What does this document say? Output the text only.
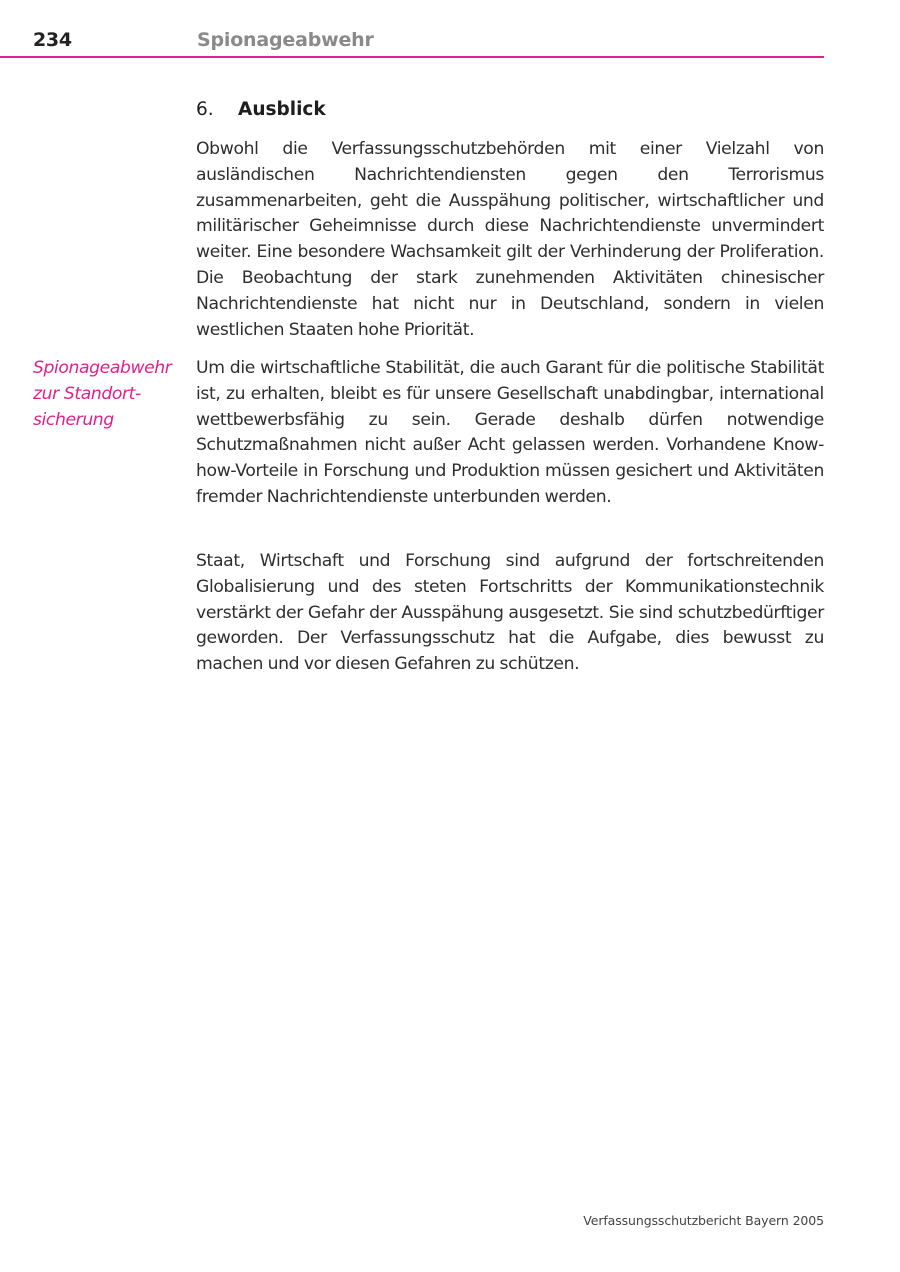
234	Spionageabwehr
6. Ausblick

Obwohl die Verfassungsschutzbehörden mit einer Vielzahl von ausländischen Nachrichtendiensten gegen den Terrorismus zusammenarbeiten, geht die Ausspähung politischer, wirtschaftlicher und militärischer Geheimnisse durch diese Nachrichtendienste unvermindert weiter. Eine besondere Wachsamkeit gilt der Verhinderung der Proliferation. Die Beobachtung der stark zunehmenden Aktivitäten chinesischer Nachrichtendienste hat nicht nur in Deutschland, sondern in vielen westlichen Staaten hohe Priorität.

Spionageabwehr
zur Standort-
sicherung

Um die wirtschaftliche Stabilität, die auch Garant für die politische Stabilität ist, zu erhalten, bleibt es für unsere Gesellschaft unabdingbar, international wettbewerbsfähig zu sein. Gerade deshalb dürfen notwendige Schutzmaßnahmen nicht außer Acht gelassen werden. Vorhandene Know-how-Vorteile in Forschung und Produktion müssen gesichert und Aktivitäten fremder Nachrichtendienste unterbunden werden.

Staat, Wirtschaft und Forschung sind aufgrund der fortschreitenden Globalisierung und des steten Fortschritts der Kommunikationstechnik verstärkt der Gefahr der Ausspähung ausgesetzt. Sie sind schutzbedürftiger geworden. Der Verfassungsschutz hat die Aufgabe, dies bewusst zu machen und vor diesen Gefahren zu schützen.

Verfassungsschutzbericht Bayern 2005
